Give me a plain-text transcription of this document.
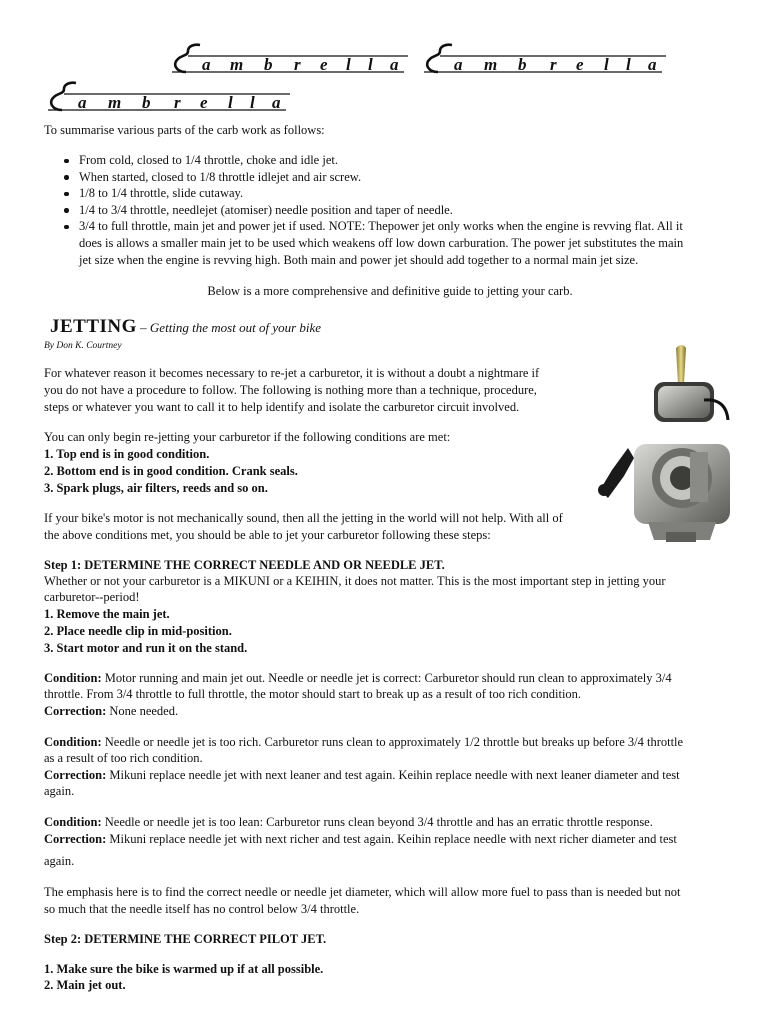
a m b r e l l a	a m b r e l l a
a m b r e l l a

To summarise various parts of the carb work as follows:

From cold, closed to 1/4 throttle, choke and idle jet.
When started, closed to 1/8 throttle idlejet and air screw.
1/8 to 1/4 throttle, slide cutaway.
1/4 to 3/4 throttle, needlejet (atomiser) needle position and taper of needle.
3/4 to full throttle, main jet and power jet if used. NOTE: Thepower jet only works when the engine is revving flat. All it
does is allows a smaller main jet to be used which weakens off low down carburation. The power jet substitutes the main
jet size when the engine is revving high. Both main and power jet should add together to a normal main jet size.

Below is a more comprehensive and definitive guide to jetting your carb.

JETTING – Getting the most out of your bike
By Don K. Courtney

For whatever reason it becomes necessary to re-jet a carburetor, it is without a doubt a nightmare if

you do not have a procedure to follow. The following is nothing more than a technique, procedure,

steps or whatever you want to call it to help identify and isolate the carburetor circuit involved.

You can only begin re-jetting your carburetor if the following conditions are met:

1. Top end is in good condition.

2. Bottom end is in good condition. Crank seals.

3. Spark plugs, air filters, reeds and so on.

If your bike's motor is not mechanically sound, then all the jetting in the world will not help. With all of

the above conditions met, you should be able to jet your carburetor following these steps:

Step 1: DETERMINE THE CORRECT NEEDLE AND OR NEEDLE JET.

Whether or not your carburetor is a MIKUNI or a KEIHIN, it does not matter. This is the most important step in jetting your

carburetor--period!

1. Remove the main jet.

2. Place needle clip in mid-position.

3. Start motor and run it on the stand.

Condition: Motor running and main jet out. Needle or needle jet is correct: Carburetor should run clean to approximately 3/4

throttle. From 3/4 throttle to full throttle, the motor should start to break up as a result of too rich condition.

Correction: None needed.

Condition: Needle or needle jet is too rich. Carburetor runs clean to approximately 1/2 throttle but breaks up before 3/4 throttle

as a result of too rich condition.

Correction: Mikuni replace needle jet with next leaner and test again. Keihin replace needle with next leaner diameter and test

again.

Condition: Needle or needle jet is too lean: Carburetor runs clean beyond 3/4 throttle and has an erratic throttle response.

Correction: Mikuni replace needle jet with next richer and test again. Keihin replace needle with next richer diameter and test

again.

The emphasis here is to find the correct needle or needle jet diameter, which will allow more fuel to pass than is needed but not

so much that the needle itself has no control below 3/4 throttle.

Step 2: DETERMINE THE CORRECT PILOT JET.

1. Make sure the bike is warmed up if at all possible.

2. Main jet out.
